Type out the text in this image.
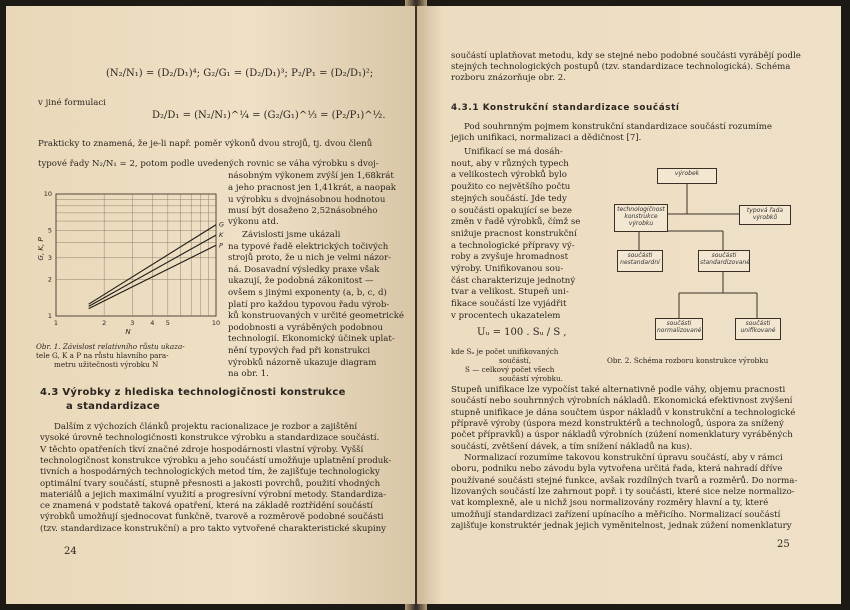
(N₂/N₁) = (D₂/D₁)⁴; G₂/G₁ = (D₂/D₁)³; P₂/P₁ = (D₂/D₁)²;
v jiné formulaci
D₂/D₁ = (N₂/N₁)^¼ = (G₂/G₁)^⅓ = (P₂/P₁)^½.
Prakticky to znamená, že je-li např. poměr výkonů dvou strojů, tj. dvou členů
typové řady N₂/N₁ = 2, potom podle uvedených rovnic se váha výrobku s dvoj-
násobným výkonem zvýší jen 1,68krát
a jeho pracnost jen 1,41krát, a naopak
u výrobku s dvojnásobnou hodnotou
musí být dosaženo 2,52násobného
výkonu atd.
Závislosti jsme ukázali
na typové řadě elektrických točivých
strojů proto, že u nich je velmi názor-
ná. Dosavadní výsledky praxe však
ukazují, že podobná zákonitost —
ovšem s jinými exponenty (a, b, c, d)
platí pro každou typovou řadu výrob-
ků konstruovaných v určité geometrické
podobnosti a vyráběných podobnou
technologií. Ekonomický účinek uplat-
nění typových řad při konstrukci
výrobků názorně ukazuje diagram
na obr. 1.
1	2	3 4 5	10
1
2
3
5
10
N
G, K, P
G
K
P
Obr. 1. Závislost relativního růstu ukaza-
tele G, K a P na růstu hlavního para-
metru užitečnosti výrobku N
4.3 Výrobky z hlediska technologičnosti konstrukce
a standardizace
Dalším z výchozích článků projektu racionalizace je rozbor a zajištění
vysoké úrovně technologičnosti konstrukce výrobku a standardizace součástí.
V těchto opatřeních tkví značné zdroje hospodárnosti vlastní výroby. Vyšší
technologičnost konstrukce výrobku a jeho součástí umožňuje uplatnění produk-
tivních a hospodárných technologických metod tím, že zajišťuje technologicky
optimální tvary součástí, stupně přesnosti a jakosti povrchů, použití vhodných
materiálů a jejich maximální využití a progresívní výrobní metody. Standardiza-
ce znamená v podstatě taková opatření, která na základě roztřídění součástí
výrobků umožňují sjednocovat funkčně, tvarově a rozměrově podobné součásti
(tzv. standardizace konstrukční) a pro takto vytvořené charakteristické skupiny
24
součástí uplatňovat metodu, kdy se stejné nebo podobné součásti vyrábějí podle
stejných technologických postupů (tzv. standardizace technologická). Schéma
rozboru znázorňuje obr. 2.
4.3.1 Konstrukční standardizace součástí
Pod souhrnným pojmem konstrukční standardizace součástí rozumíme
jejich unifikaci, normalizaci a dědičnost [7].
Unifikací se má dosáh-
nout, aby v různých typech
a velikostech výrobků bylo
použito co největšího počtu
stejných součástí. Jde tedy
o součásti opakující se beze
změn v řadě výrobků, čímž se
snižuje pracnost konstrukční
a technologické přípravy vý-
roby a zvyšuje hromadnost
výroby. Unifikovanou sou-
část charakterizuje jednotný
tvar a velikost. Stupeň uni-
fikace součástí lze vyjádřit
v procentech ukazatelem
Uᵤ = 100 . Sᵤ / S ,
kde Sᵤ je počet unifikovaných
součástí,
S — celkový počet všech
součástí výrobku.
výrobek
technologičnost konstrukce výrobku
typová řada výrobků
součásti nestandardní
součásti standardizované
součásti normalizované
součásti unifikované
Obr. 2. Schéma rozboru konstrukce výrobku
Stupeň unifikace lze vypočíst také alternativně podle váhy, objemu pracnosti
součástí nebo souhrnných výrobních nákladů. Ekonomická efektivnost zvýšení
stupně unifikace je dána součtem úspor nákladů v konstrukční a technologické
přípravě výroby (úspora mezd konstruktérů a technologů, úspora za snížený
počet přípravků) a úspor nákladů výrobních (zúžení nomenklatury vyráběných
součástí, zvětšení dávek, a tím snížení nákladů na kus).
Normalizací rozumíme takovou konstrukční úpravu součástí, aby v rámci
oboru, podniku nebo závodu byla vytvořena určitá řada, která nahradí dříve
používané součásti stejné funkce, avšak rozdílných tvarů a rozměrů. Do norma-
lizovaných součástí lze zahrnout popř. i ty součásti, které sice nelze normalizo-
vat komplexně, ale u nichž jsou normalizovány rozměry hlavní a ty, které
umožňují standardizaci zařízení upínacího a měřicího. Normalizací součástí
zajišťuje konstruktér jednak jejich vyměnitelnost, jednak zúžení nomenklatury
25
